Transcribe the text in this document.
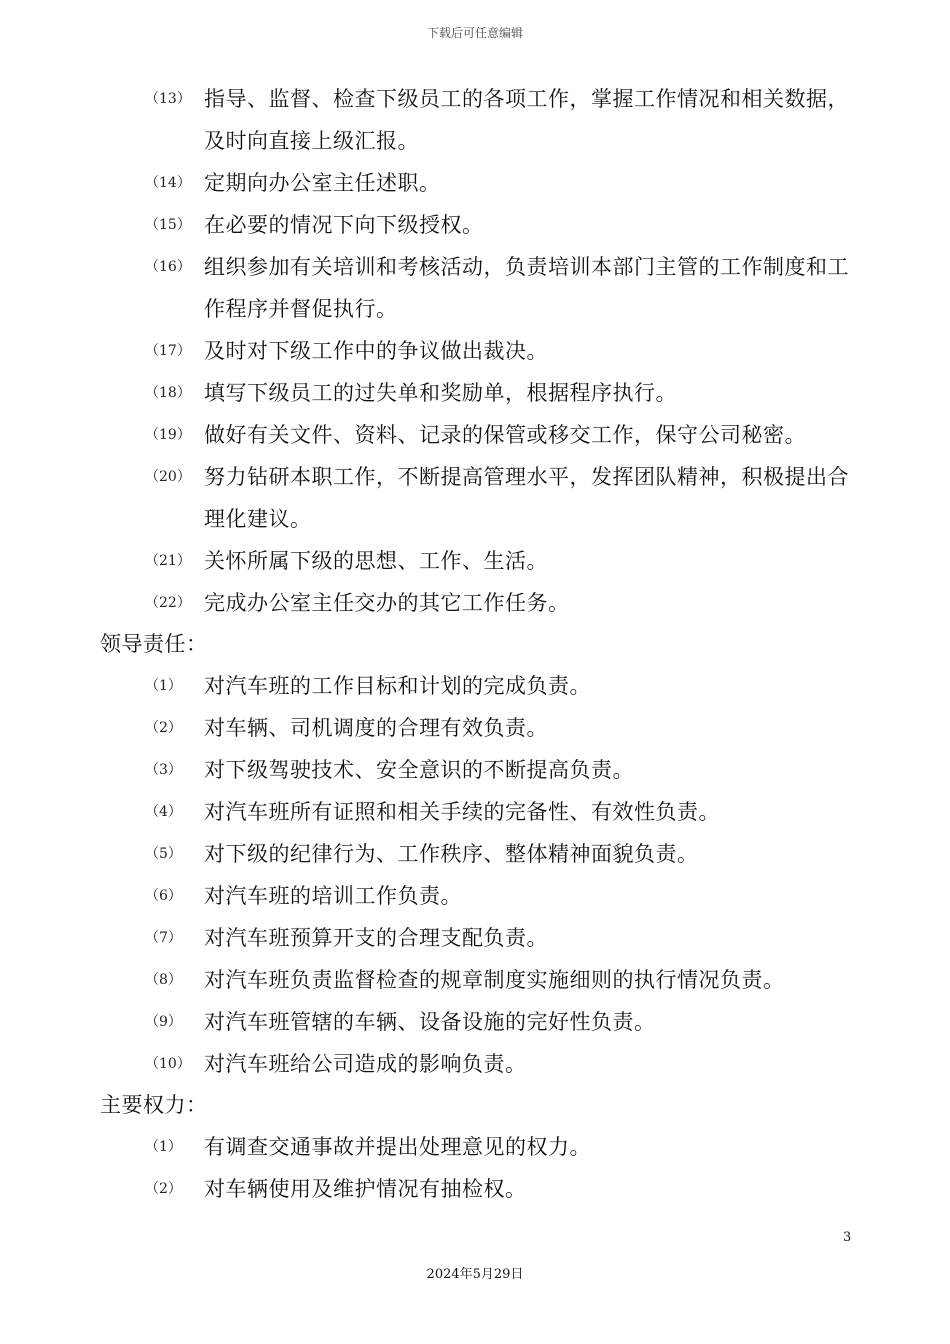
下载后可任意编辑
（13） 指导、监督、检查下级员工的各项工作，掌握工作情况和相关数据，及时向直接上级汇报。
（14） 定期向办公室主任述职。
（15） 在必要的情况下向下级授权。
（16） 组织参加有关培训和考核活动，负责培训本部门主管的工作制度和工作程序并督促执行。
（17） 及时对下级工作中的争议做出裁决。
（18） 填写下级员工的过失单和奖励单，根据程序执行。
（19） 做好有关文件、资料、记录的保管或移交工作，保守公司秘密。
（20） 努力钻研本职工作，不断提高管理水平，发挥团队精神，积极提出合理化建议。
（21） 关怀所属下级的思想、工作、生活。
（22） 完成办公室主任交办的其它工作任务。
领导责任：
（1）	对汽车班的工作目标和计划的完成负责。
（2）	对车辆、司机调度的合理有效负责。
（3）	对下级驾驶技术、安全意识的不断提高负责。
（4）	对汽车班所有证照和相关手续的完备性、有效性负责。
（5）	对下级的纪律行为、工作秩序、整体精神面貌负责。
（6）	对汽车班的培训工作负责。
（7）	对汽车班预算开支的合理支配负责。
（8）	对汽车班负责监督检查的规章制度实施细则的执行情况负责。
（9）	对汽车班管辖的车辆、设备设施的完好性负责。
（10） 对汽车班给公司造成的影响负责。
主要权力：
（1）	有调查交通事故并提出处理意见的权力。
（2）	对车辆使用及维护情况有抽检权。
3
2024年5月29日
